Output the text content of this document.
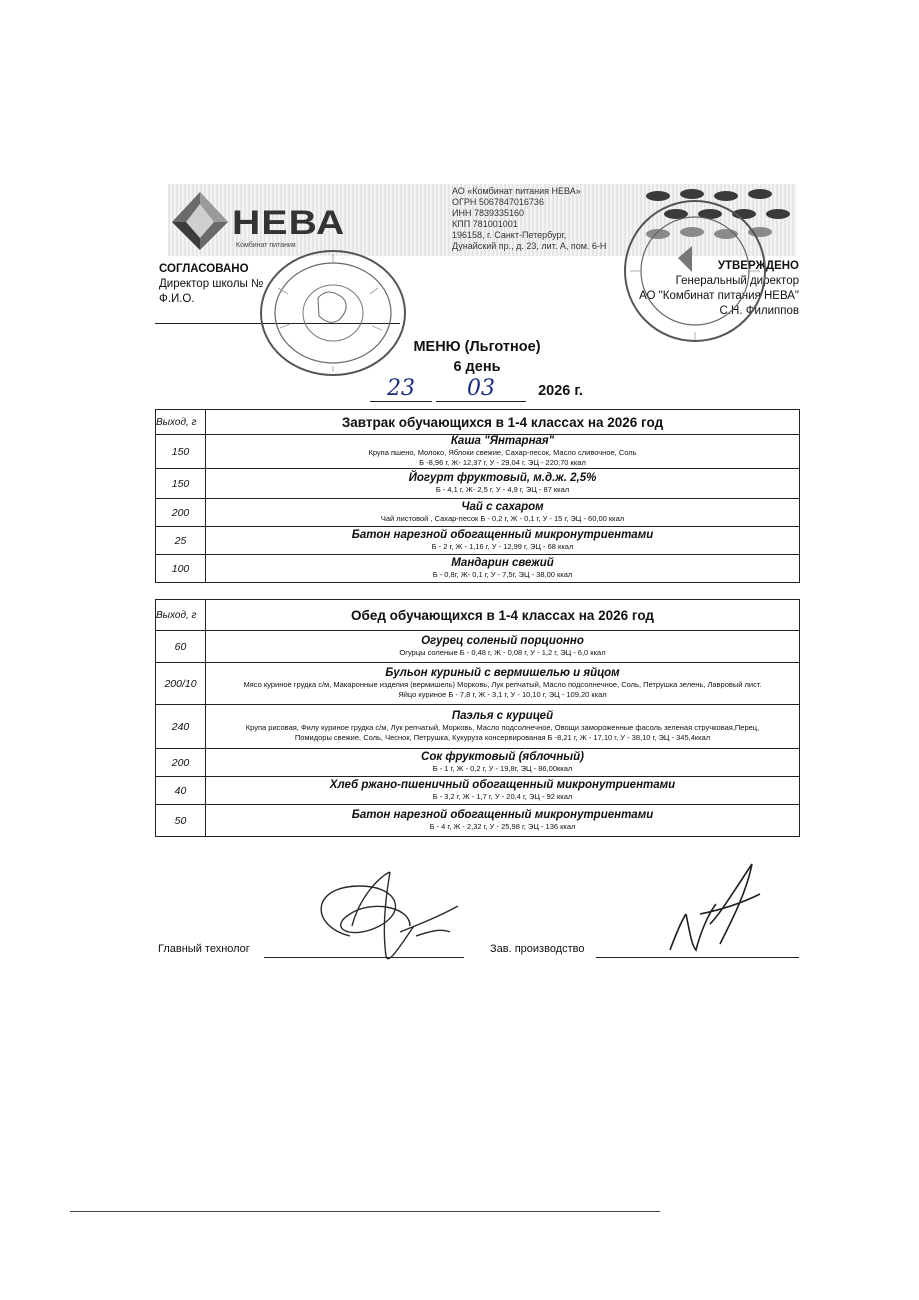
НЕВА
Комбинат питания
АО «Комбинат питания НЕВА»
ОГРН 5067847016736
ИНН 7839335160
КПП 781001001
196158, г. Санкт-Петербург,
Дунайский пр., д. 23, лит. А, пом. 6-Н
СОГЛАСОВАНО
Директор школы №
Ф.И.О.
УТВЕРЖДЕНО
Генеральный директор
АО "Комбинат питания НЕВА"
С.Н. Филиппов
МЕНЮ (Льготное)
6 день
23 03	2026 г.
Выход, г	Завтрак обучающихся в 1-4 классах на 2026 год
150	Каша "Янтарная"
Крупа пшено, Молоко, Яблоки свежие, Сахар-песок, Масло сливочное, Соль
Б -8,96 г, Ж- 12,37 г, У - 29,04 г, ЭЦ - 220,70 ккал

150	Йогурт фруктовый, м.д.ж. 2,5%
Б - 4,1 г, Ж- 2,5 г, У - 4,9 г, ЭЦ - 87 ккал

200	Чай с сахаром
Чай листовой , Сахар-песок Б - 0,2 г, Ж - 0,1 г, У - 15 г, ЭЦ - 60,00 ккал

25	Батон нарезной обогащенный микронутриентами
Б - 2 г, Ж - 1,16 г, У - 12,99 г, ЭЦ - 68 ккал

100	Мандарин свежий
Б - 0,8г, Ж- 0,1 г, У - 7,5г, ЭЦ - 38,00 ккал
Выход, г	Обед обучающихся в 1-4 классах на 2026 год
60	Огурец соленый порционно
Огурцы соленые Б - 0,48 г, Ж - 0,08 г, У - 1,2 г, ЭЦ - 6,0 ккал

200/10	Бульон куриный с вермишелью и яйцом
Мясо куриное грудка с/м, Макаронные изделия (вермишель) Морковь, Лук репчатый, Масло подсолнечное, Соль, Петрушка зелень, Лавровый лист.
Яйцо куриное Б - 7,8 г, Ж - 3,1 г, У - 10,10 г, ЭЦ - 109,20 ккал

240	Паэлья с курицей
Крупа рисовая, Филу куриное грудка с/м, Лук репчатый, Морковь, Масло подсолнечное, Овощи замороженные фасоль зеленая стручковая,Перец,
Помидоры свежие, Соль, Чеснок, Петрушка, Кукуруза консервированая Б -8,21 г, Ж - 17,10 г, У - 38,10 г, ЭЦ - 345,4ккал

200	Сок фруктовый (яблочный)
Б - 1 г, Ж - 0,2 г, У - 19,8г, ЭЦ - 86,00ккал

40	Хлеб ржано-пшеничный обогащенный микронутриентами
Б - 3,2 г, Ж - 1,7 г, У - 20,4 г, ЭЦ - 92 ккал

50	Батон нарезной обогащенный микронутриентами
Б - 4 г, Ж - 2,32 г, У - 25,98 г, ЭЦ - 136 ккал
Главный технолог	Зав. производство
